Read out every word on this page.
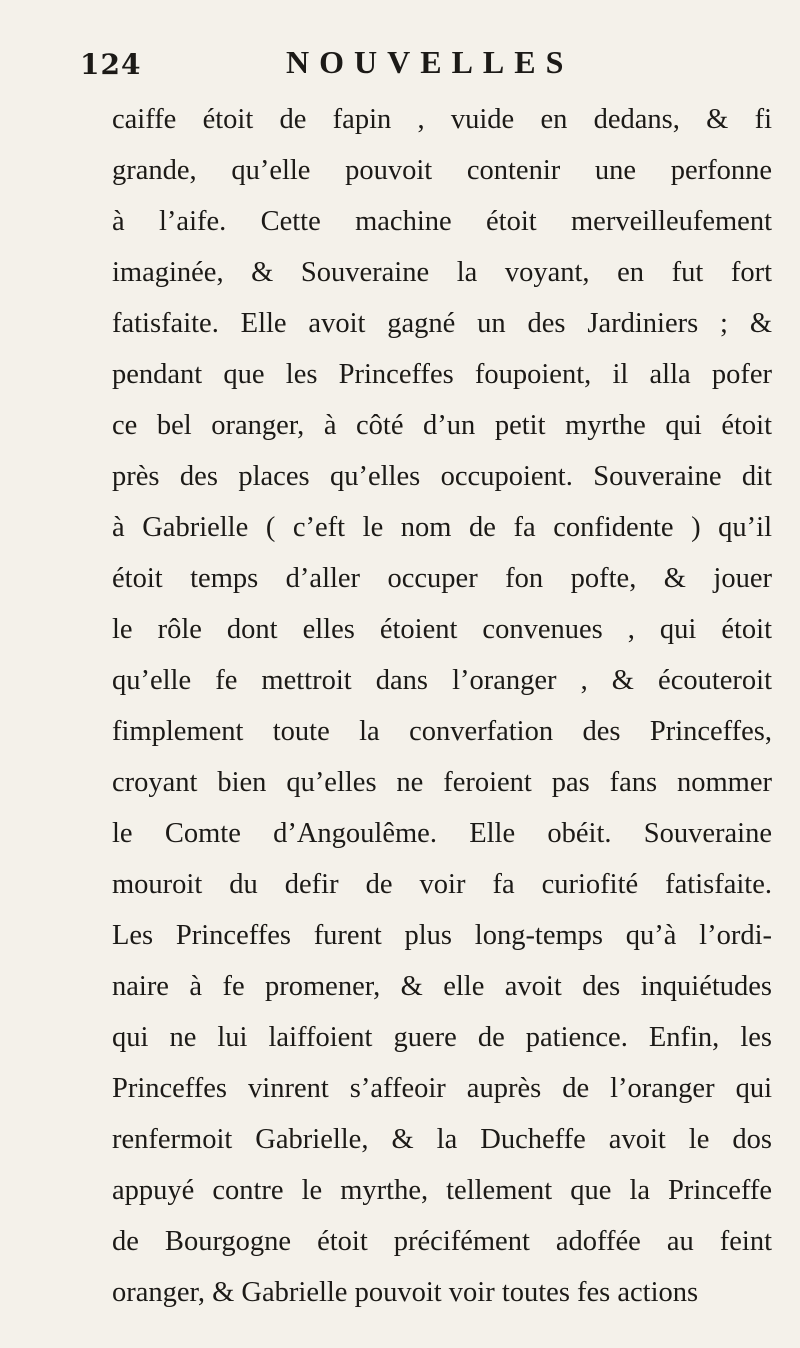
124	NOUVELLES
caiffe étoit de fapin , vuide en dedans, & fi
grande, qu’elle pouvoit contenir une perfonne
à l’aife. Cette machine étoit merveilleufement
imaginée, & Souveraine la voyant, en fut fort
fatisfaite. Elle avoit gagné un des Jardiniers ; &
pendant que les Princeffes foupoient, il alla pofer
ce bel oranger, à côté d’un petit myrthe qui étoit
près des places qu’elles occupoient. Souveraine dit
à Gabrielle ( c’eft le nom de fa confidente ) qu’il
étoit temps d’aller occuper fon pofte, & jouer
le rôle dont elles étoient convenues , qui étoit
qu’elle fe mettroit dans l’oranger , & écouteroit
fimplement toute la converfation des Princeffes,
croyant bien qu’elles ne feroient pas fans nommer
le Comte d’Angoulême. Elle obéit. Souveraine
mouroit du defir de voir fa curiofité fatisfaite.
Les Princeffes furent plus long-temps qu’à l’ordi-
naire à fe promener, & elle avoit des inquiétudes
qui ne lui laiffoient guere de patience. Enfin, les
Princeffes vinrent s’affeoir auprès de l’oranger qui
renfermoit Gabrielle, & la Ducheffe avoit le dos
appuyé contre le myrthe, tellement que la Princeffe
de Bourgogne étoit précifément adoffée au feint
oranger, & Gabrielle pouvoit voir toutes fes actions
